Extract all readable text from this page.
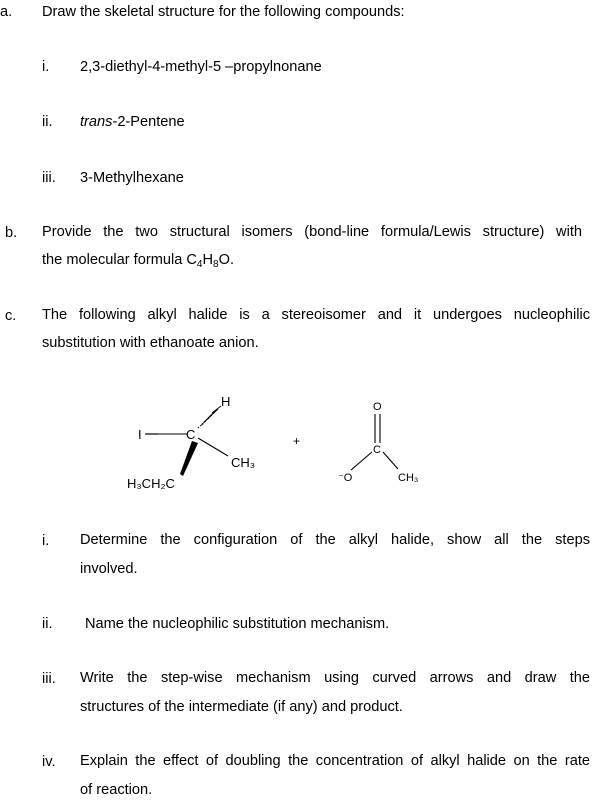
a. Draw the skeletal structure for the following compounds:
i. 2,3-diethyl-4-methyl-5 –propylnonane
ii. trans-2-Pentene
iii. 3-Methylhexane
b. Provide the two structural isomers (bond-line formula/Lewis structure) with
the molecular formula $C_4H_8O$.
c. The following alkyl halide is a stereoisomer and it undergoes nucleophilic
substitution with ethanoate anion.
I	C
H
CH₃
H₃CH₂C
+
O
C
⁻O	CH₃
i. Determine the configuration of the alkyl halide, show all the steps
involved.
ii. Name the nucleophilic substitution mechanism.
iii. Write the step-wise mechanism using curved arrows and draw the
structures of the intermediate (if any) and product.
iv. Explain the effect of doubling the concentration of alkyl halide on the rate
of reaction.
